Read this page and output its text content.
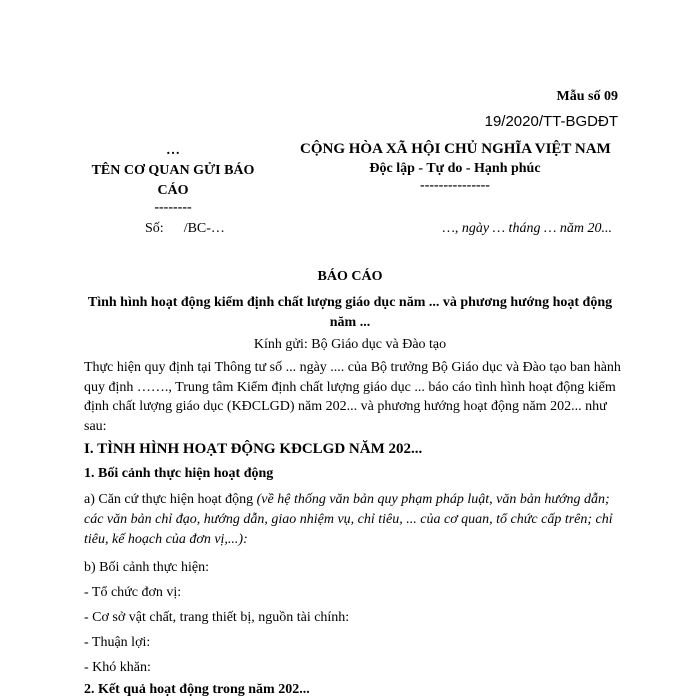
Mẫu số 09
19/2020/TT-BGDĐT
…
TÊN CƠ QUAN GỬI BÁO CÁO
--------
CỘNG HÒA XÃ HỘI CHỦ NGHĨA VIỆT NAM
Độc lập - Tự do - Hạnh phúc
---------------
Số: /BC-…	…, ngày … tháng … năm 20...
BÁO CÁO
Tình hình hoạt động kiểm định chất lượng giáo dục năm ... và phương hướng hoạt động năm ...
Kính gửi: Bộ Giáo dục và Đào tạo
Thực hiện quy định tại Thông tư số ... ngày .... của Bộ trưởng Bộ Giáo dục và Đào tạo ban hành quy định ……., Trung tâm Kiểm định chất lượng giáo dục ... báo cáo tình hình hoạt động kiểm định chất lượng giáo dục (KĐCLGD) năm 202... và phương hướng hoạt động năm 202... như sau:
I. TÌNH HÌNH HOẠT ĐỘNG KĐCLGD NĂM 202...
1. Bối cảnh thực hiện hoạt động
a) Căn cứ thực hiện hoạt động (về hệ thống văn bản quy phạm pháp luật, văn bản hướng dẫn; các văn bản chỉ đạo, hướng dẫn, giao nhiệm vụ, chỉ tiêu, ... của cơ quan, tổ chức cấp trên; chỉ tiêu, kế hoạch của đơn vị,...):
b) Bối cảnh thực hiện:
- Tổ chức đơn vị:
- Cơ sở vật chất, trang thiết bị, nguồn tài chính:
- Thuận lợi:
- Khó khăn:
2. Kết quả hoạt động trong năm 202...
